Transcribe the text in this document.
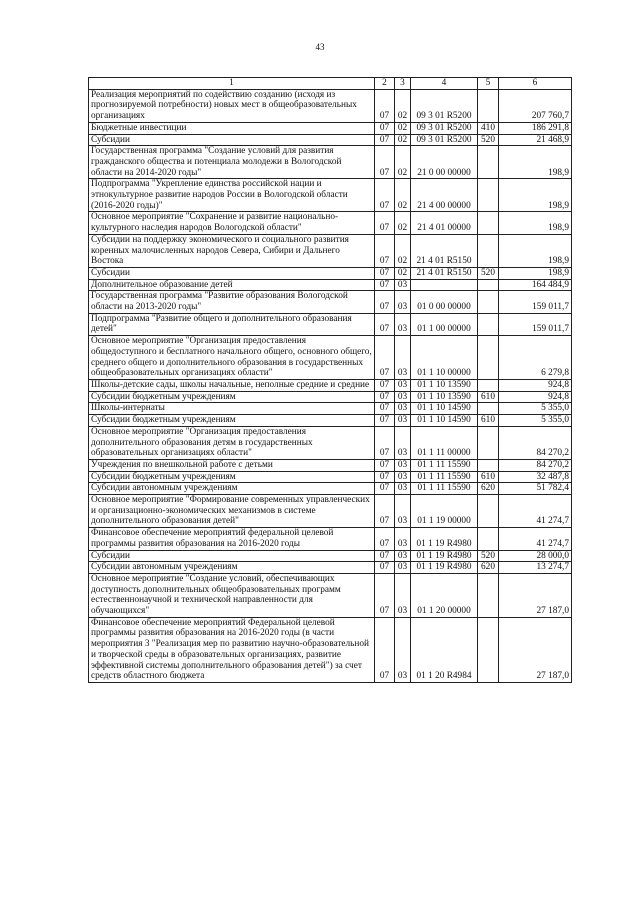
43
1	2	3	4	5	6
Реализация мероприятий по содействию созданию (исходя из прогнозируемой потребности) новых мест в общеобразовательных организациях	07	02	09 3 01 R5200		207 760,7
Бюджетные инвестиции	07	02	09 3 01 R5200	410	186 291,8
Субсидии	07	02	09 3 01 R5200	520	21 468,9
Государственная программа "Создание условий для развития гражданского общества и потенциала молодежи в Вологодской области на 2014-2020 годы"	07	02	21 0 00 00000		198,9
Подпрограмма "Укрепление единства российской нации и этнокультурное развитие народов России в Вологодской области (2016-2020 годы)"	07	02	21 4 00 00000		198,9
Основное мероприятие "Сохранение и развитие национально-культурного наследия народов Вологодской области"	07	02	21 4 01 00000		198,9
Субсидии на поддержку экономического и социального развития коренных малочисленных народов Севера, Сибири и Дальнего Востока	07	02	21 4 01 R5150		198,9
Субсидии	07	02	21 4 01 R5150	520	198,9
Дополнительное образование детей	07	03			164 484,9
Государственная программа "Развитие образования Вологодской области на 2013-2020 годы"	07	03	01 0 00 00000		159 011,7
Подпрограмма "Развитие общего и дополнительного образования детей"	07	03	01 1 00 00000		159 011,7
Основное мероприятие "Организация предоставления общедоступного и бесплатного начального общего, основного общего, среднего общего и дополнительного образования в государственных общеобразовательных организациях области"	07	03	01 1 10 00000		6 279,8
Школы-детские сады, школы начальные, неполные средние и средние	07	03	01 1 10 13590		924,8
Субсидии бюджетным учреждениям	07	03	01 1 10 13590	610	924,8
Школы-интернаты	07	03	01 1 10 14590		5 355,0
Субсидии бюджетным учреждениям	07	03	01 1 10 14590	610	5 355,0
Основное мероприятие "Организация предоставления дополнительного образования детям в государственных образовательных организациях области"	07	03	01 1 11 00000		84 270,2
Учреждения по внешкольной работе с детьми	07	03	01 1 11 15590		84 270,2
Субсидии бюджетным учреждениям	07	03	01 1 11 15590	610	32 487,8
Субсидии автономным учреждениям	07	03	01 1 11 15590	620	51 782,4
Основное мероприятие "Формирование современных управленческих и организационно-экономических механизмов в системе дополнительного образования детей"	07	03	01 1 19 00000		41 274,7
Финансовое обеспечение мероприятий федеральной целевой программы развития образования на 2016-2020 годы	07	03	01 1 19 R4980		41 274,7
Субсидии	07	03	01 1 19 R4980	520	28 000,0
Субсидии автономным учреждениям	07	03	01 1 19 R4980	620	13 274,7
Основное мероприятие "Создание условий, обеспечивающих доступность дополнительных общеобразовательных программ естественнонаучной и технической направленности для обучающихся"	07	03	01 1 20 00000		27 187,0
Финансовое обеспечение мероприятий Федеральной целевой программы развития образования на 2016-2020 годы (в части мероприятия 3 "Реализация мер по развитию научно-образовательной и творческой среды в образовательных организациях, развитие эффективной системы дополнительного образования детей") за счет средств областного бюджета	07	03	01 1 20 R4984		27 187,0
